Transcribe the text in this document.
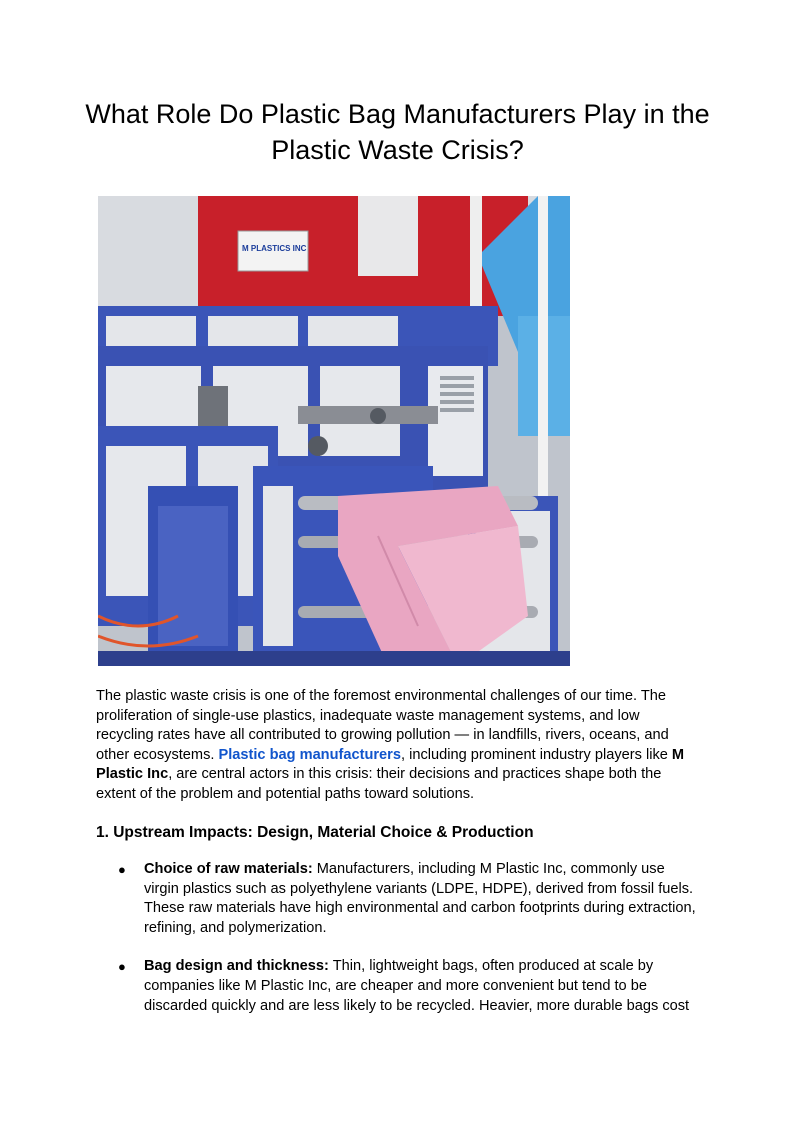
What Role Do Plastic Bag Manufacturers Play in the Plastic Waste Crisis?
M PLASTICS INC

The plastic waste crisis is one of the foremost environmental challenges of our time. The proliferation of single-use plastics, inadequate waste management systems, and low recycling rates have all contributed to growing pollution — in landfills, rivers, oceans, and other ecosystems. Plastic bag manufacturers, including prominent industry players like M Plastic Inc, are central actors in this crisis: their decisions and practices shape both the extent of the problem and potential paths toward solutions.

1. Upstream Impacts: Design, Material Choice & Production
● Choice of raw materials: Manufacturers, including M Plastic Inc, commonly use virgin plastics such as polyethylene variants (LDPE, HDPE), derived from fossil fuels. These raw materials have high environmental and carbon footprints during extraction, refining, and polymerization.
● Bag design and thickness: Thin, lightweight bags, often produced at scale by companies like M Plastic Inc, are cheaper and more convenient but tend to be discarded quickly and are less likely to be recycled. Heavier, more durable bags cost
